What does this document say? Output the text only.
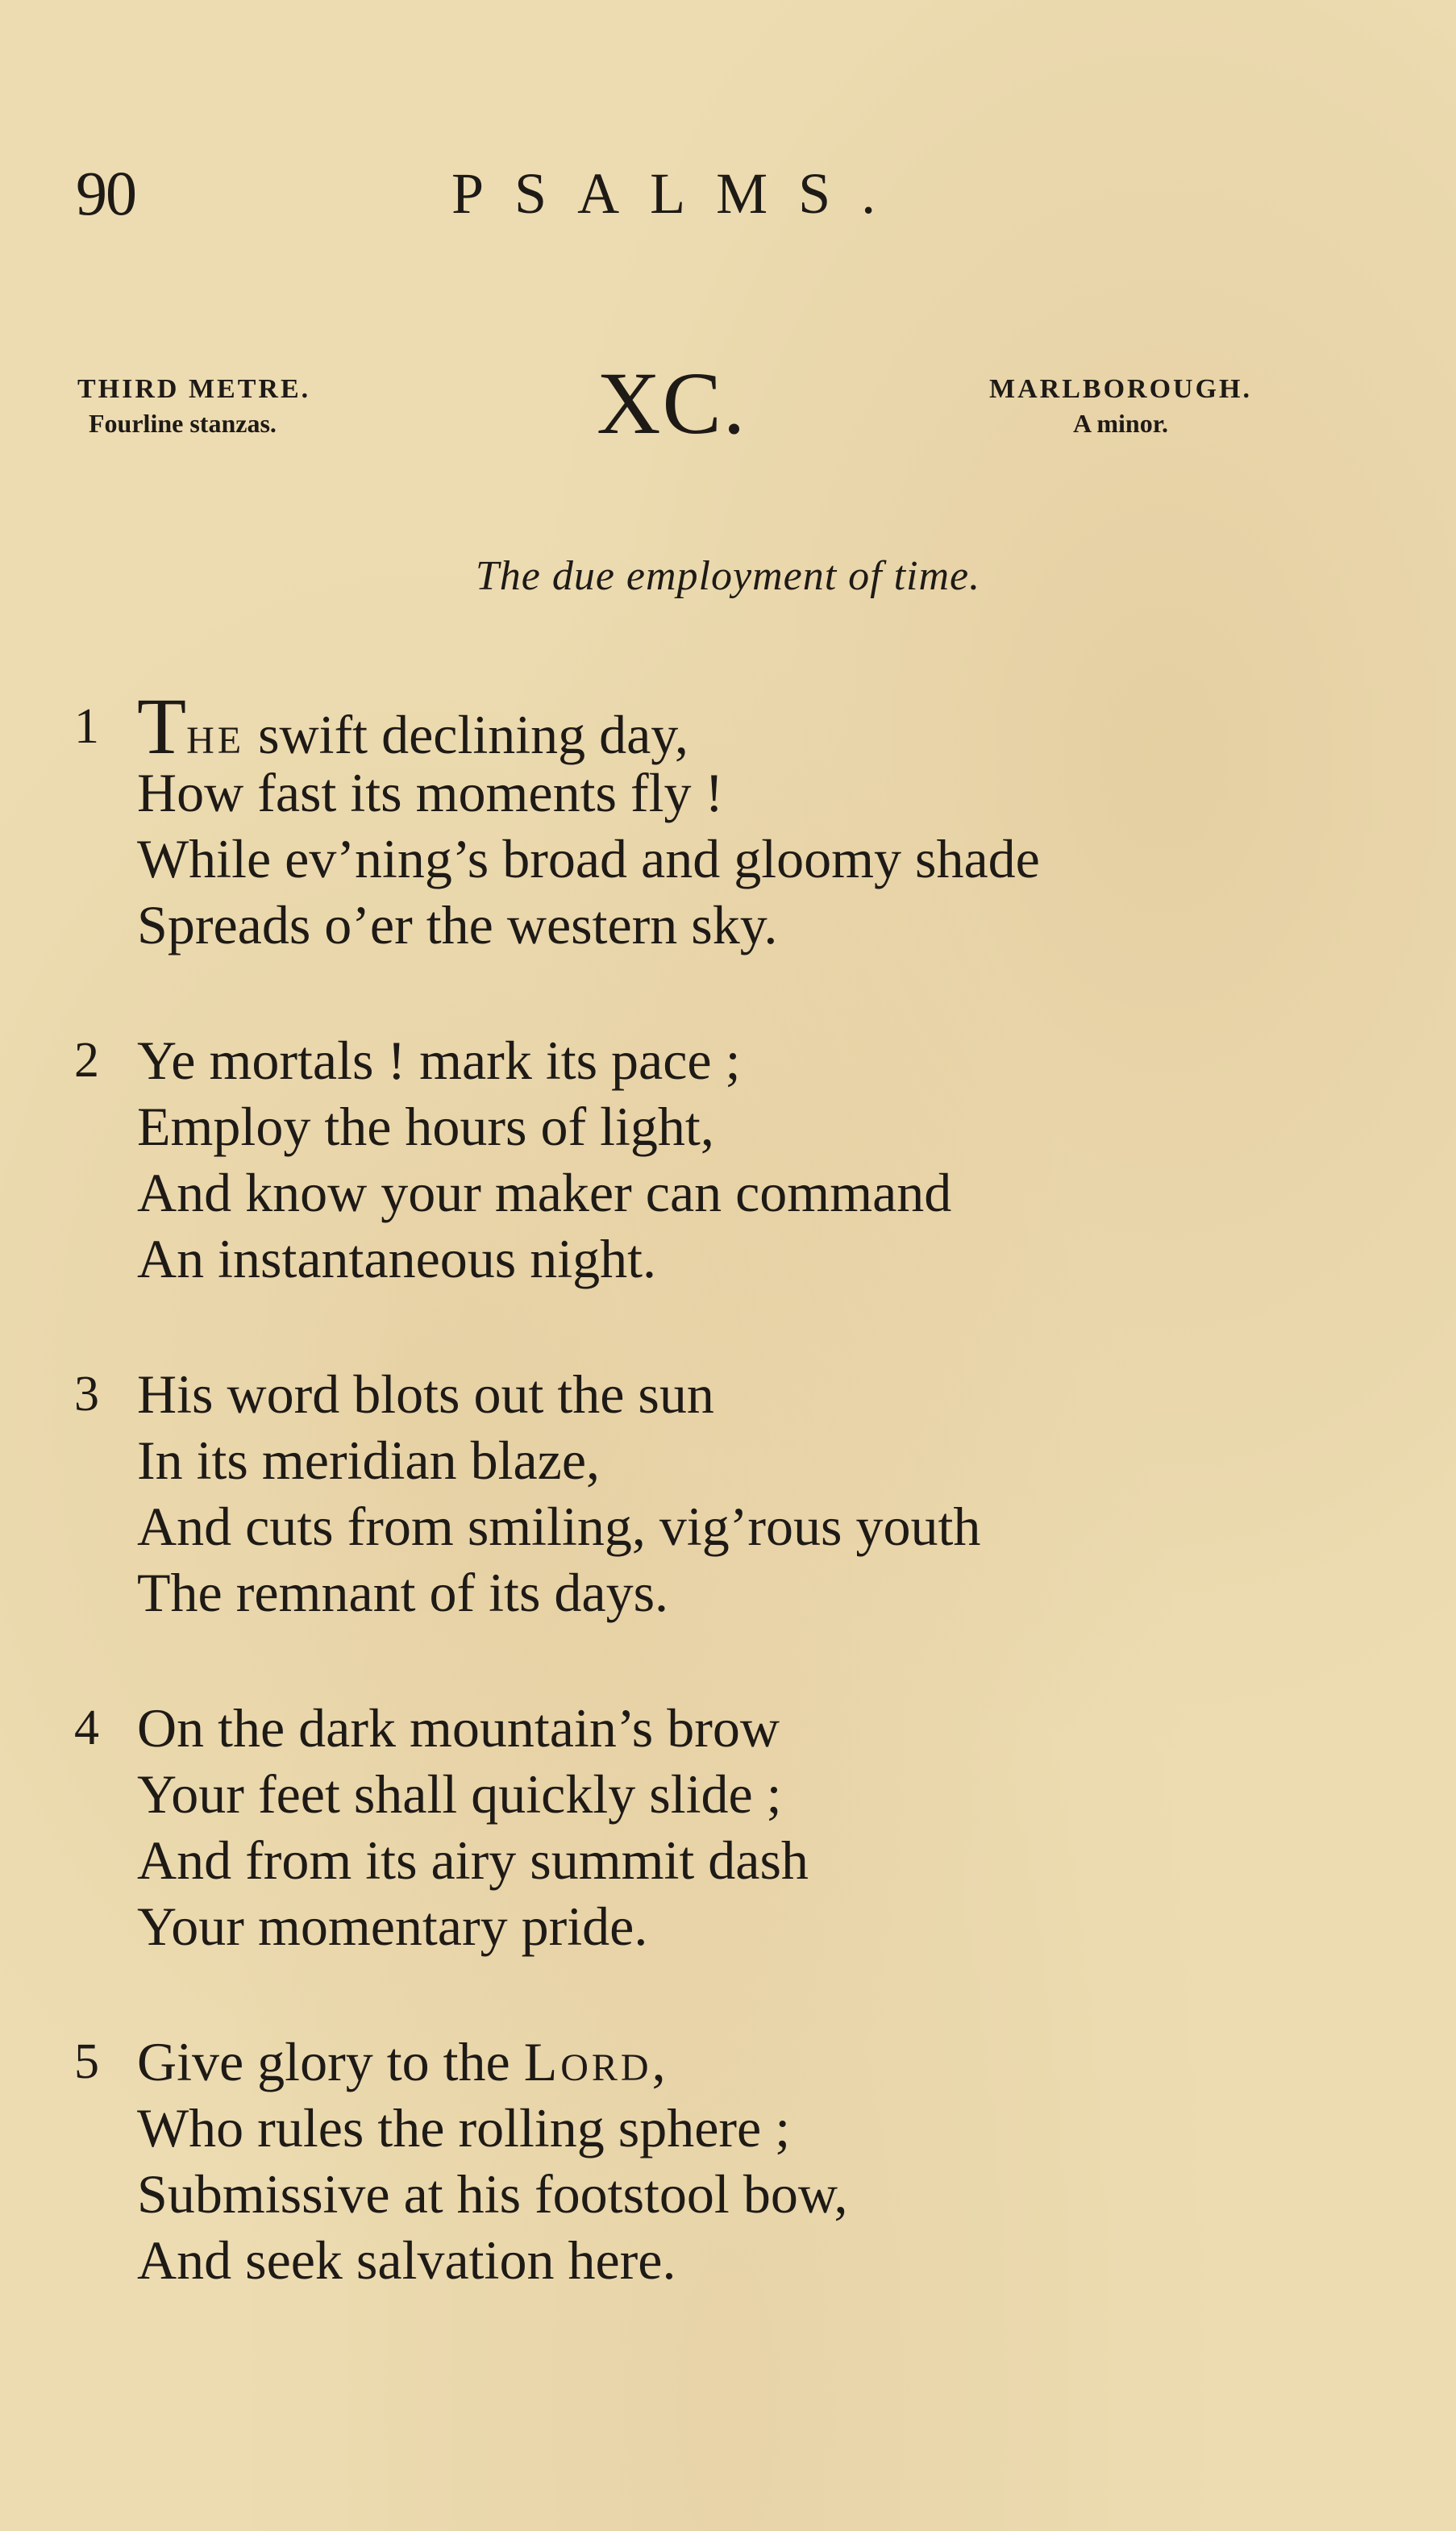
90	PSALMS.
THIRD METRE.
Fourline stanzas.	XC.	MARLBOROUGH.
A minor.
The due employment of time.
1 The swift declining day,
How fast its moments fly !
While ev’ning’s broad and gloomy shade
Spreads o’er the western sky.
2 Ye mortals ! mark its pace ;
Employ the hours of light,
And know your maker can command
An instantaneous night.
3 His word blots out the sun
In its meridian blaze,
And cuts from smiling, vig’rous youth
The remnant of its days.
4 On the dark mountain’s brow
Your feet shall quickly slide ;
And from its airy summit dash
Your momentary pride.
5 Give glory to the Lord,
Who rules the rolling sphere ;
Submissive at his footstool bow,
And seek salvation here.
